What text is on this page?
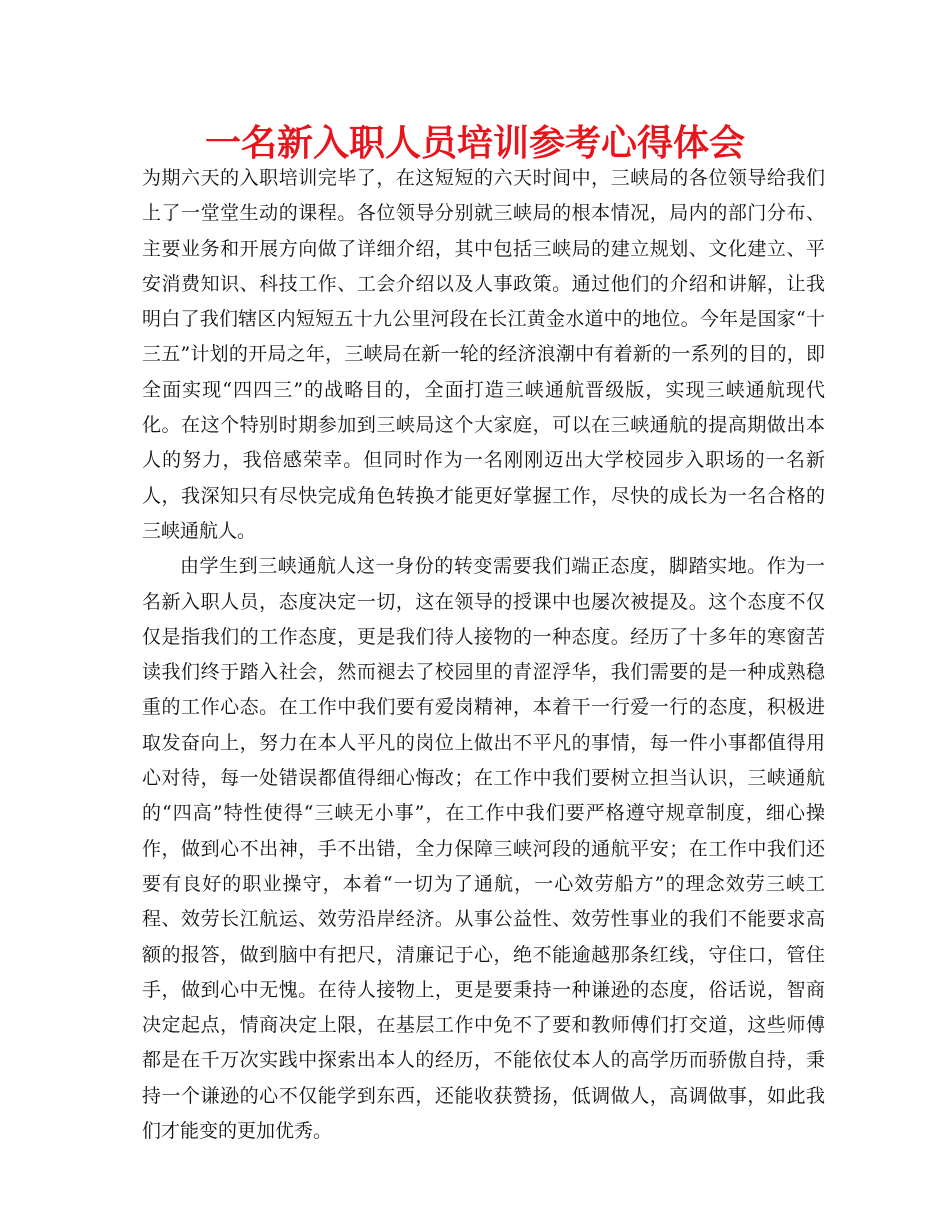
一名新入职人员培训参考心得体会

为期六天的入职培训完毕了，在这短短的六天时间中，三峡局的各位领导给我们上了一堂堂生动的课程。各位领导分别就三峡局的根本情况，局内的部门分布、主要业务和开展方向做了详细介绍，其中包括三峡局的建立规划、文化建立、平安消费知识、科技工作、工会介绍以及人事政策。通过他们的介绍和讲解，让我明白了我们辖区内短短五十九公里河段在长江黄金水道中的地位。今年是国家“十三五”计划的开局之年，三峡局在新一轮的经济浪潮中有着新的一系列的目的，即全面实现“四四三”的战略目的，全面打造三峡通航晋级版，实现三峡通航现代化。在这个特别时期参加到三峡局这个大家庭，可以在三峡通航的提高期做出本人的努力，我倍感荣幸。但同时作为一名刚刚迈出大学校园步入职场的一名新人，我深知只有尽快完成角色转换才能更好掌握工作，尽快的成长为一名合格的三峡通航人。

由学生到三峡通航人这一身份的转变需要我们端正态度，脚踏实地。作为一名新入职人员，态度决定一切，这在领导的授课中也屡次被提及。这个态度不仅仅是指我们的工作态度，更是我们待人接物的一种态度。经历了十多年的寒窗苦读我们终于踏入社会，然而褪去了校园里的青涩浮华，我们需要的是一种成熟稳重的工作心态。在工作中我们要有爱岗精神，本着干一行爱一行的态度，积极进取发奋向上，努力在本人平凡的岗位上做出不平凡的事情，每一件小事都值得用心对待，每一处错误都值得细心悔改；在工作中我们要树立担当认识，三峡通航的“四高”特性使得“三峡无小事”，在工作中我们要严格遵守规章制度，细心操作，做到心不出神，手不出错，全力保障三峡河段的通航平安；在工作中我们还要有良好的职业操守，本着“一切为了通航，一心效劳船方”的理念效劳三峡工程、效劳长江航运、效劳沿岸经济。从事公益性、效劳性事业的我们不能要求高额的报答，做到脑中有把尺，清廉记于心，绝不能逾越那条红线，守住口，管住手，做到心中无愧。在待人接物上，更是要秉持一种谦逊的态度，俗话说，智商决定起点，情商决定上限，在基层工作中免不了要和教师傅们打交道，这些师傅都是在千万次实践中探索出本人的经历，不能依仗本人的高学历而骄傲自持，秉持一个谦逊的心不仅能学到东西，还能收获赞扬，低调做人，高调做事，如此我们才能变的更加优秀。
